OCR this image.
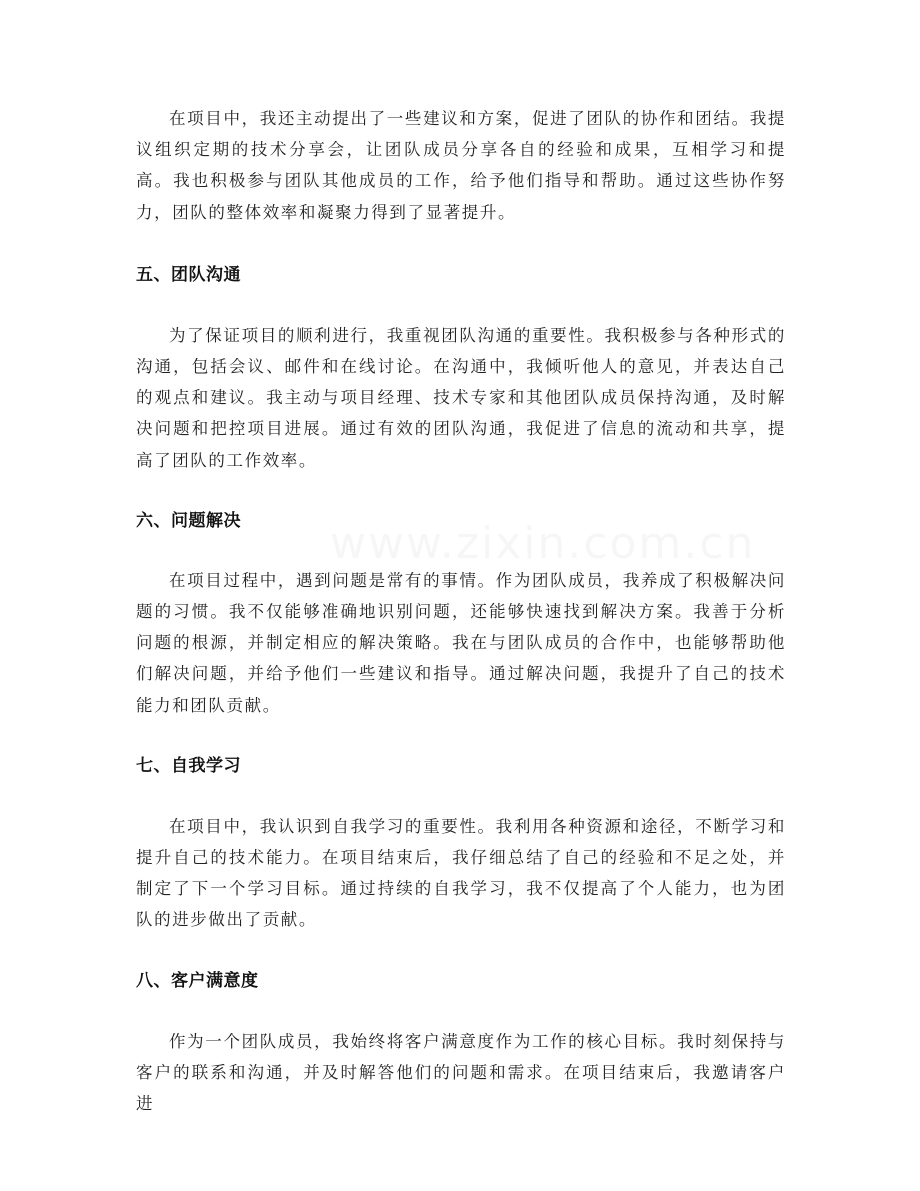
在项目中，我还主动提出了一些建议和方案，促进了团队的协作和团结。我提议组织定期的技术分享会，让团队成员分享各自的经验和成果，互相学习和提高。我也积极参与团队其他成员的工作，给予他们指导和帮助。通过这些协作努力，团队的整体效率和凝聚力得到了显著提升。

五、团队沟通

为了保证项目的顺利进行，我重视团队沟通的重要性。我积极参与各种形式的沟通，包括会议、邮件和在线讨论。在沟通中，我倾听他人的意见，并表达自己的观点和建议。我主动与项目经理、技术专家和其他团队成员保持沟通，及时解决问题和把控项目进展。通过有效的团队沟通，我促进了信息的流动和共享，提高了团队的工作效率。

六、问题解决

在项目过程中，遇到问题是常有的事情。作为团队成员，我养成了积极解决问题的习惯。我不仅能够准确地识别问题，还能够快速找到解决方案。我善于分析问题的根源，并制定相应的解决策略。我在与团队成员的合作中，也能够帮助他们解决问题，并给予他们一些建议和指导。通过解决问题，我提升了自己的技术能力和团队贡献。

七、自我学习

在项目中，我认识到自我学习的重要性。我利用各种资源和途径，不断学习和提升自己的技术能力。在项目结束后，我仔细总结了自己的经验和不足之处，并制定了下一个学习目标。通过持续的自我学习，我不仅提高了个人能力，也为团队的进步做出了贡献。

八、客户满意度

作为一个团队成员，我始终将客户满意度作为工作的核心目标。我时刻保持与客户的联系和沟通，并及时解答他们的问题和需求。在项目结束后，我邀请客户进
